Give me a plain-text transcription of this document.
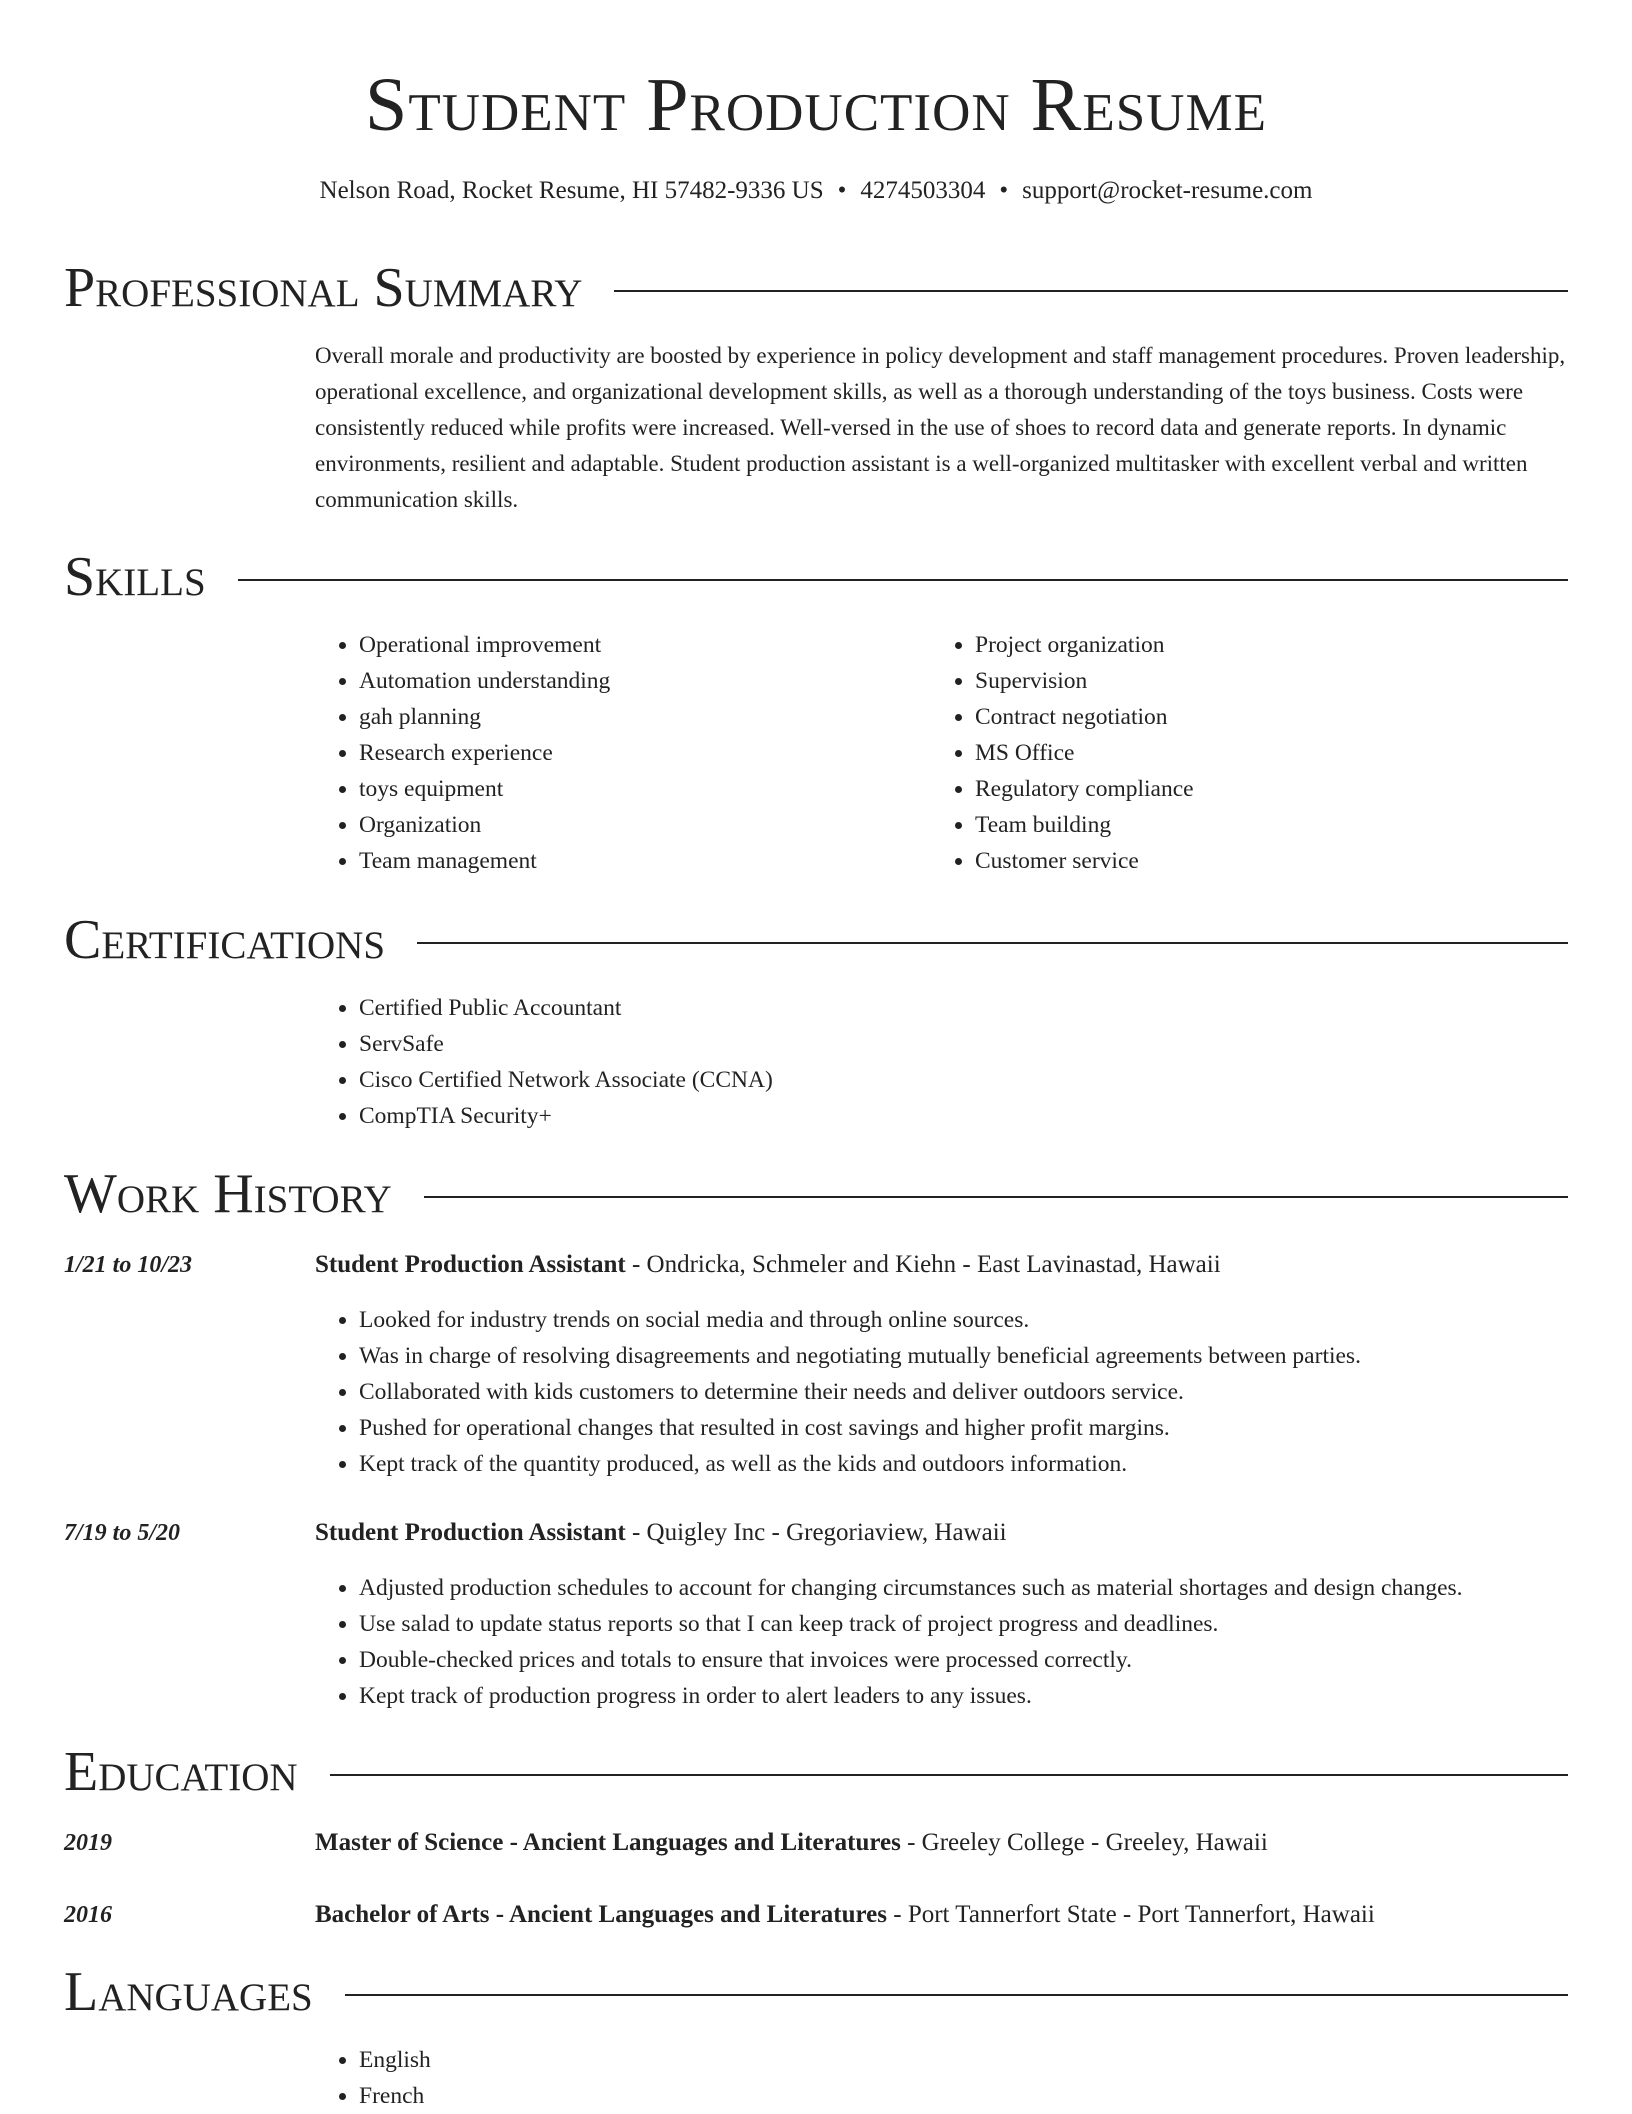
Student Production Resume
Nelson Road, Rocket Resume, HI 57482-9336 US • 4274503304 • support@rocket-resume.com
Professional Summary

Overall morale and productivity are boosted by experience in policy development and staff management procedures. Proven leadership, operational excellence, and organizational development skills, as well as a thorough understanding of the toys business. Costs were consistently reduced while profits were increased. Well-versed in the use of shoes to record data and generate reports. In dynamic environments, resilient and adaptable. Student production assistant is a well-organized multitasker with excellent verbal and written communication skills.

Skills
• Operational improvement
• Automation understanding
• gah planning
• Research experience
• toys equipment
• Organization
• Team management
• Project organization
• Supervision
• Contract negotiation
• MS Office
• Regulatory compliance
• Team building
• Customer service
Certifications
• Certified Public Accountant
• ServSafe
• Cisco Certified Network Associate (CCNA)
• CompTIA Security+
Work History
1/21 to 10/23	Student Production Assistant - Ondricka, Schmeler and Kiehn - East Lavinastad, Hawaii
• Looked for industry trends on social media and through online sources.
• Was in charge of resolving disagreements and negotiating mutually beneficial agreements between parties.
• Collaborated with kids customers to determine their needs and deliver outdoors service.
• Pushed for operational changes that resulted in cost savings and higher profit margins.
• Kept track of the quantity produced, as well as the kids and outdoors information.
7/19 to 5/20	Student Production Assistant - Quigley Inc - Gregoriaview, Hawaii
• Adjusted production schedules to account for changing circumstances such as material shortages and design changes.
• Use salad to update status reports so that I can keep track of project progress and deadlines.
• Double-checked prices and totals to ensure that invoices were processed correctly.
• Kept track of production progress in order to alert leaders to any issues.
Education
2019	Master of Science - Ancient Languages and Literatures - Greeley College - Greeley, Hawaii
2016	Bachelor of Arts - Ancient Languages and Literatures - Port Tannerfort State - Port Tannerfort, Hawaii
Languages
• English
• French
